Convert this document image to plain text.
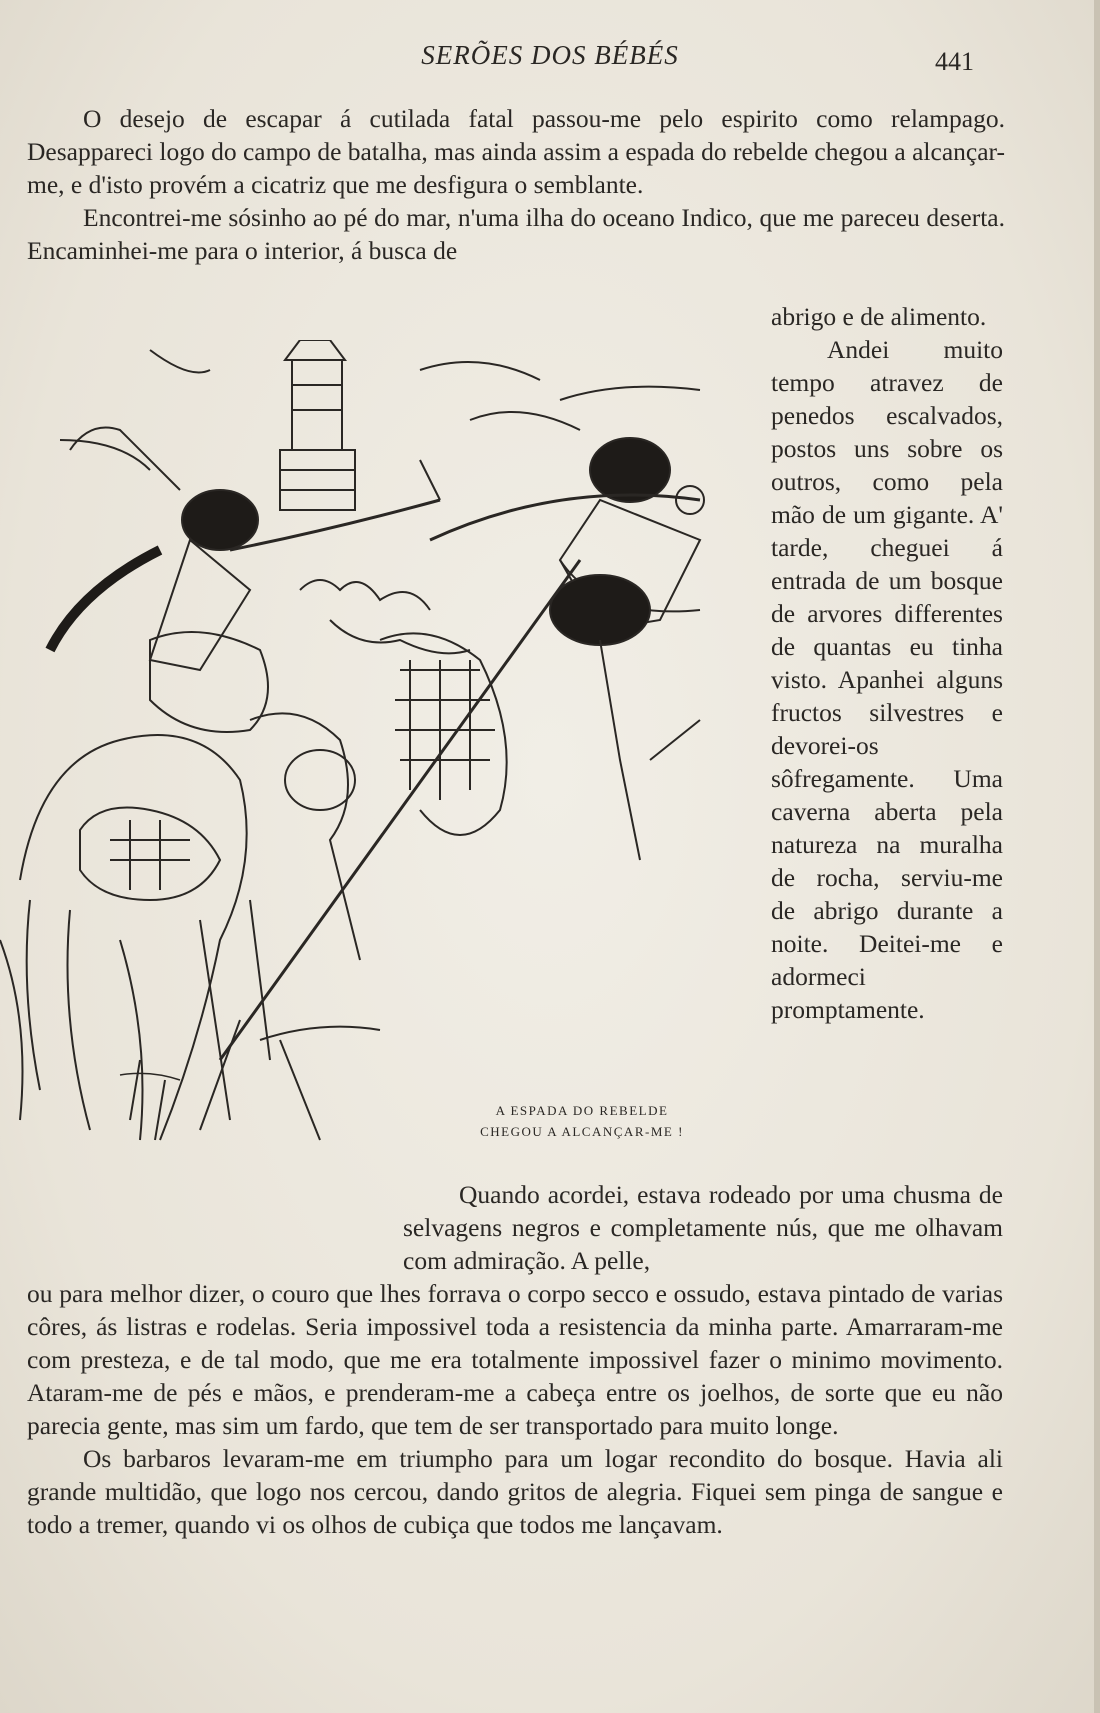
SERÕES DOS BÉBÉS	441

O desejo de escapar á cutilada fatal passou-me pelo espirito como relampago. Desappareci logo do campo de batalha, mas ainda assim a espada do rebelde chegou a alcançar-me, e d'isto provém a cicatriz que me desfigura o semblante.

Encontrei-me sósinho ao pé do mar, n'uma ilha do oceano Indico, que me pareceu deserta. Encaminhei-me para o interior, á busca de

abrigo e de alimento.

Andei muito tempo atravez de penedos escalvados, postos uns sobre os outros, como pela mão de um gigante. A' tarde, cheguei á entrada de um bosque de arvores differentes de quantas eu tinha visto. Apanhei alguns fructos silvestres e devorei-os sôfregamente. Uma caverna aberta pela natureza na muralha de rocha, serviu-me de abrigo durante a noite. Deitei-me e adormeci promptamente.

A ESPADA DO REBELDE
CHEGOU A ALCANÇAR-ME !

Quando acordei, estava rodeado por uma chusma de selvagens negros e completamente nús, que me olhavam com admiração. A pelle,

ou para melhor dizer, o couro que lhes forrava o corpo secco e ossudo, estava pintado de varias côres, ás listras e rodelas. Seria impossivel toda a resistencia da minha parte. Amarraram-me com presteza, e de tal modo, que me era totalmente impossivel fazer o minimo movimento. Ataram-me de pés e mãos, e prenderam-me a cabeça entre os joelhos, de sorte que eu não parecia gente, mas sim um fardo, que tem de ser transportado para muito longe.

Os barbaros levaram-me em triumpho para um logar recondito do bosque. Havia ali grande multidão, que logo nos cercou, dando gritos de alegria. Fiquei sem pinga de sangue e todo a tremer, quando vi os olhos de cubiça que todos me lançavam.
